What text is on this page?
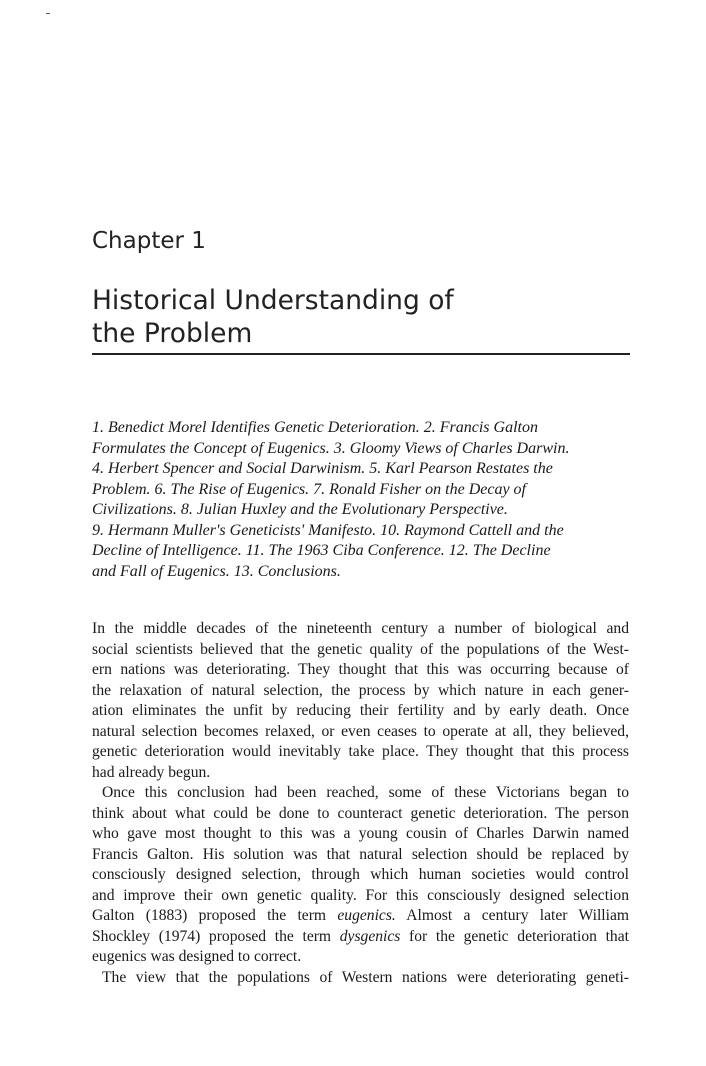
Chapter 1
Historical Understanding of
the Problem
1. Benedict Morel Identifies Genetic Deterioration. 2. Francis Galton
Formulates the Concept of Eugenics. 3. Gloomy Views of Charles Darwin.
4. Herbert Spencer and Social Darwinism. 5. Karl Pearson Restates the
Problem. 6. The Rise of Eugenics. 7. Ronald Fisher on the Decay of
Civilizations. 8. Julian Huxley and the Evolutionary Perspective.
9. Hermann Muller's Geneticists' Manifesto. 10. Raymond Cattell and the
Decline of Intelligence. 11. The 1963 Ciba Conference. 12. The Decline
and Fall of Eugenics. 13. Conclusions.
In the middle decades of the nineteenth century a number of biological and
social scientists believed that the genetic quality of the populations of the West-
ern nations was deteriorating. They thought that this was occurring because of
the relaxation of natural selection, the process by which nature in each gener-
ation eliminates the unfit by reducing their fertility and by early death. Once
natural selection becomes relaxed, or even ceases to operate at all, they believed,
genetic deterioration would inevitably take place. They thought that this process
had already begun.
Once this conclusion had been reached, some of these Victorians began to
think about what could be done to counteract genetic deterioration. The person
who gave most thought to this was a young cousin of Charles Darwin named
Francis Galton. His solution was that natural selection should be replaced by
consciously designed selection, through which human societies would control
and improve their own genetic quality. For this consciously designed selection
Galton (1883) proposed the term eugenics. Almost a century later William
Shockley (1974) proposed the term dysgenics for the genetic deterioration that
eugenics was designed to correct.
The view that the populations of Western nations were deteriorating geneti-
